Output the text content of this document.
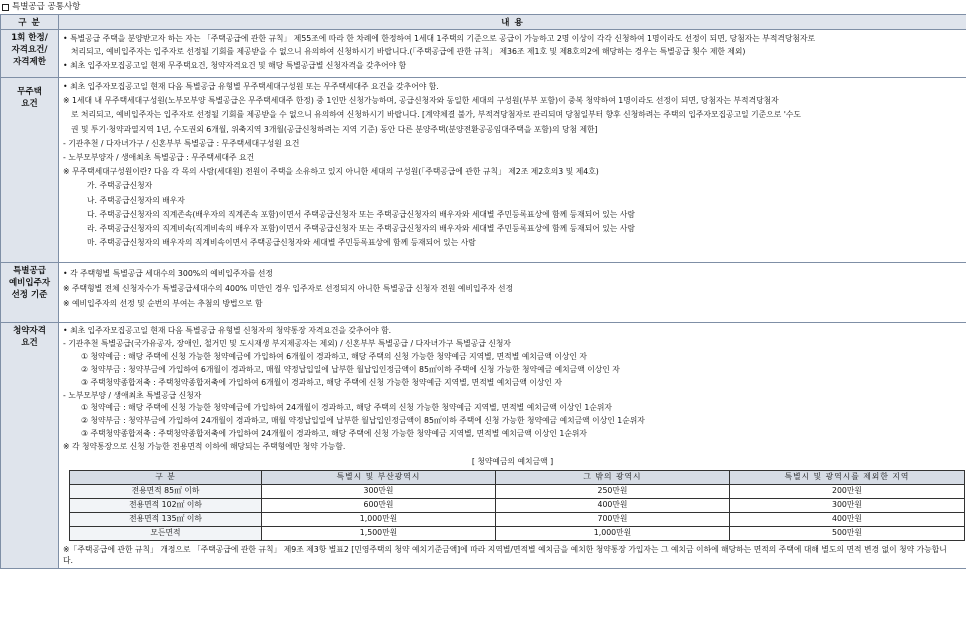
특별공급 공통사항
구 분	내 용
1회 한정/
자격요건/
자격제한	
• 특별공급 주택을 분양받고자 하는 자는 「주택공급에 관한 규칙」 제55조에 따라 한 차례에 한정하여 1세대 1주택의 기준으로 공급이 가능하고 2명 이상이 각각 신청하여 1명이라도 선정이 되면, 당첨자는 부적격당첨자로
처리되고, 예비입주자는 입주자로 선정될 기회를 제공받을 수 없으니 유의하여 신청하시기 바랍니다.(「주택공급에 관한 규칙」 제36조 제1호 및 제8호의2에 해당하는 경우는 특별공급 횟수 제한 제외)
• 최초 입주자모집공고일 현재 무주택요건, 청약자격요건 및 해당 특별공급별 신청자격을 갖추어야 함

무주택
요건	
• 최초 입주자모집공고일 현재 다음 특별공급 유형별 무주택세대구성원 또는 무주택세대주 요건을 갖추어야 함.
※ 1세대 내 무주택세대구성원(노부모부양 특별공급은 무주택세대주 한정) 중 1인만 신청가능하며, 공급신청자와 동일한 세대의 구성원(부부 포함)이 중복 청약하여 1명이라도 선정이 되면, 당첨자는 부적격당첨자
로 처리되고, 예비입주자는 입주자로 선정될 기회를 제공받을 수 없으니 유의하여 신청하시기 바랍니다. [계약체결 불가, 부적격당첨자로 관리되며 당첨일부터 향후 신청하려는 주택의 입주자모집공고일 기준으로 '수도
권 및 투기·청약과열지역 1년, 수도권외 6개월, 위축지역 3개월(공급신청하려는 지역 기준) 동안 다른 분양주택(분양전환공공임대주택을 포함)의 당첨 제한]
- 기관추천 / 다자녀가구 / 신혼부부 특별공급 : 무주택세대구성원 요건
- 노부모부양자 / 생애최초 특별공급 : 무주택세대주 요건
※ 무주택세대구성원이란? 다음 각 목의 사람(세대원) 전원이 주택을 소유하고 있지 아니한 세대의 구성원(「주택공급에 관한 규칙」 제2조 제2호의3 및 제4호)
가. 주택공급신청자
나. 주택공급신청자의 배우자
다. 주택공급신청자의 직계존속(배우자의 직계존속 포함)이면서 주택공급신청자 또는 주택공급신청자의 배우자와 세대별 주민등록표상에 함께 등재되어 있는 사람
라. 주택공급신청자의 직계비속(직계비속의 배우자 포함)이면서 주택공급신청자 또는 주택공급신청자의 배우자와 세대별 주민등록표상에 함께 등재되어 있는 사람
마. 주택공급신청자의 배우자의 직계비속이면서 주택공급신청자와 세대별 주민등록표상에 함께 등재되어 있는 사람

특별공급
예비입주자
선정 기준	
• 각 주택형별 특별공급 세대수의 300%의 예비입주자를 선정
※ 주택형별 전체 신청자수가 특별공급세대수의 400% 미만인 경우 입주자로 선정되지 아니한 특별공급 신청자 전원 예비입주자 선정
※ 예비입주자의 선정 및 순번의 부여는 추첨의 방법으로 함

청약자격
요건	
• 최초 입주자모집공고일 현재 다음 특별공급 유형별 신청자의 청약통장 자격요건을 갖추어야 함.
- 기관추천 특별공급(국가유공자, 장애인, 철거민 및 도시재생 부지제공자는 제외) / 신혼부부 특별공급 / 다자녀가구 특별공급 신청자
① 청약예금 : 해당 주택에 신청 가능한 청약예금에 가입하여 6개월이 경과하고, 해당 주택의 신청 가능한 청약예금 지역별, 면적별 예치금액 이상인 자
② 청약부금 : 청약부금에 가입하여 6개월이 경과하고, 매월 약정납입일에 납부한 월납입인정금액이 85㎡이하 주택에 신청 가능한 청약예금 예치금액 이상인 자
③ 주택청약종합저축 : 주택청약종합저축에 가입하여 6개월이 경과하고, 해당 주택에 신청 가능한 청약예금 지역별, 면적별 예치금액 이상인 자
- 노부모부양 / 생애최초 특별공급 신청자
① 청약예금 : 해당 주택에 신청 가능한 청약예금에 가입하여 24개월이 경과하고, 해당 주택의 신청 가능한 청약예금 지역별, 면적별 예치금액 이상인 1순위자
② 청약부금 : 청약부금에 가입하여 24개월이 경과하고, 매월 약정납입일에 납부한 월납입인정금액이 85㎡이하 주택에 신청 가능한 청약예금 예치금액 이상인 1순위자
③ 주택청약종합저축 : 주택청약종합저축에 가입하여 24개월이 경과하고, 해당 주택에 신청 가능한 청약예금 지역별, 면적별 예치금액 이상인 1순위자
※ 각 청약통장으로 신청 가능한 전용면적 이하에 해당되는 주택형에만 청약 가능함.
[ 청약예금의 예치금액 ]
구 분	특별시 및 부산광역시	그 밖의 광역시	특별시 및 광역시를 제외한 지역
전용면적 85㎡ 이하	300만원	250만원	200만원
전용면적 102㎡ 이하	600만원	400만원	300만원
전용면적 135㎡ 이하	1,000만원	700만원	400만원
모든면적	1,500만원	1,000만원	500만원
※「주택공급에 관한 규칙」 개정으로 「주택공급에 관한 규칙」 제9조 제3항 별표2 [민영주택의 청약 예치기준금액]에 따라 지역별/면적별 예치금을 예치한 청약통장 가입자는 그 예치금 이하에 해당하는 면적의 주택에 대해 별도의 면적 변경 없이 청약 가능합니다.
